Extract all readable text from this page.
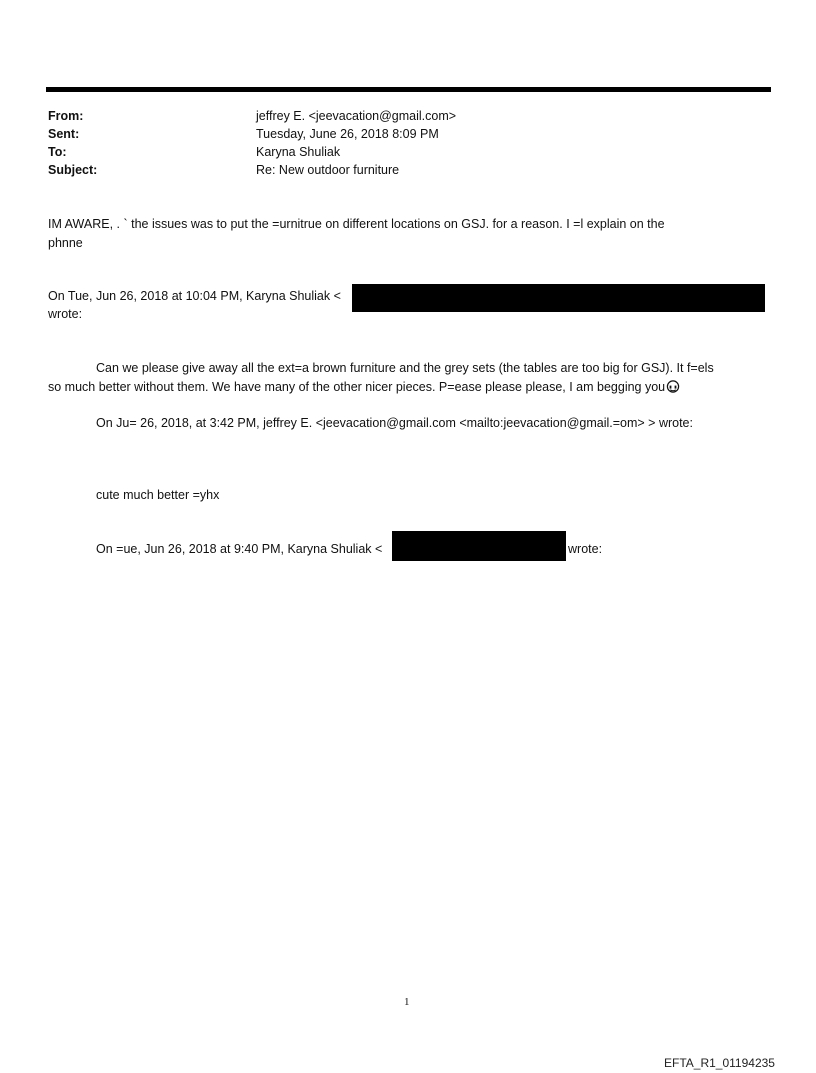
From:	jeffrey E. <jeevacation@gmail.com>
Sent:	Tuesday, June 26, 2018 8:09 PM
To:	Karyna Shuliak
Subject:	Re: New outdoor furniture
IM AWARE, . ` the issues was to put the =urnitrue on different locations on GSJ. for a reason. I =l explain on the
phnne
On Tue, Jun 26, 2018 at 10:04 PM, Karyna Shuliak <
wrote:
Can we please give away all the ext=a brown furniture and the grey sets (the tables are too big for GSJ). It f=els
so much better without them. We have many of the other nicer pieces. P=ease please please, I am begging you
On Ju= 26, 2018, at 3:42 PM, jeffrey E. <jeevacation@gmail.com <mailto:jeevacation@gmail.=om> > wrote:
cute much better =yhx
On =ue, Jun 26, 2018 at 9:40 PM, Karyna Shuliak <	wrote:
1
EFTA_R1_01194235
